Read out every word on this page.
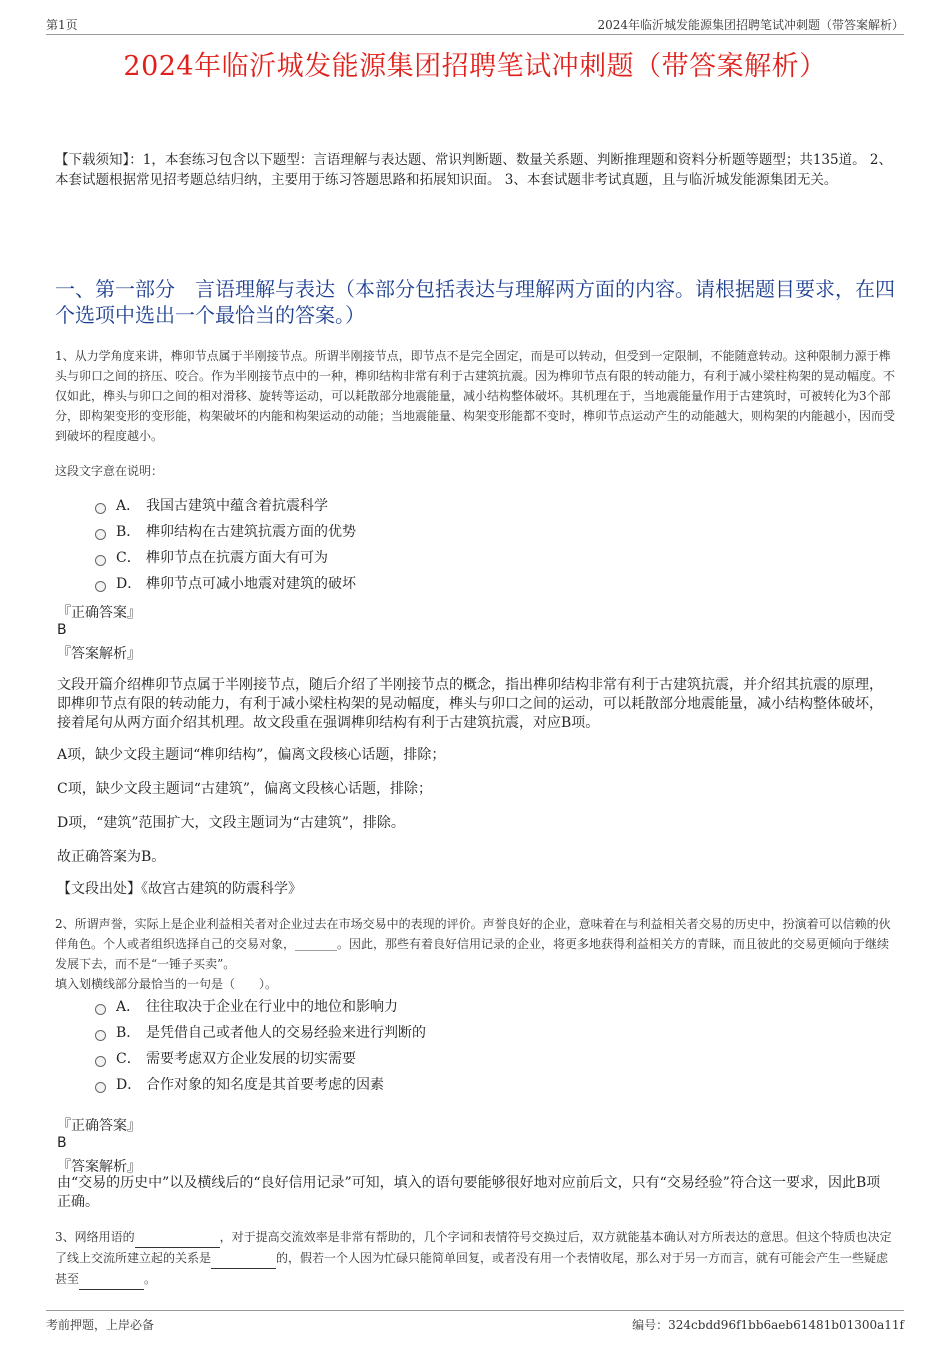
第1页	2024年临沂城发能源集团招聘笔试冲刺题（带答案解析）
2024年临沂城发能源集团招聘笔试冲刺题（带答案解析）
【下载须知】：1，本套练习包含以下题型：言语理解与表达题、常识判断题、数量关系题、判断推理题和资料分析题等题型；共135道。 2、本套试题根据常见招考题总结归纳，主要用于练习答题思路和拓展知识面。 3、本套试题非考试真题，且与临沂城发能源集团无关。
一、第一部分　言语理解与表达（本部分包括表达与理解两方面的内容。请根据题目要求，在四个选项中选出一个最恰当的答案。）
1、从力学角度来讲，榫卯节点属于半刚接节点。所谓半刚接节点，即节点不是完全固定，而是可以转动，但受到一定限制，不能随意转动。这种限制力源于榫头与卯口之间的挤压、咬合。作为半刚接节点中的一种，榫卯结构非常有利于古建筑抗震。因为榫卯节点有限的转动能力，有利于减小梁柱构架的晃动幅度。不仅如此，榫头与卯口之间的相对滑移、旋转等运动，可以耗散部分地震能量，减小结构整体破坏。其机理在于，当地震能量作用于古建筑时，可被转化为3个部分，即构架变形的变形能，构架破坏的内能和构架运动的动能；当地震能量、构架变形能都不变时，榫卯节点运动产生的动能越大，则构架的内能越小，因而受到破坏的程度越小。
这段文字意在说明：
A． 我国古建筑中蕴含着抗震科学
B． 榫卯结构在古建筑抗震方面的优势
C． 榫卯节点在抗震方面大有可为
D． 榫卯节点可减小地震对建筑的破坏
『正确答案』
B
『答案解析』
文段开篇介绍榫卯节点属于半刚接节点，随后介绍了半刚接节点的概念，指出榫卯结构非常有利于古建筑抗震，并介绍其抗震的原理，即榫卯节点有限的转动能力，有利于减小梁柱构架的晃动幅度，榫头与卯口之间的运动，可以耗散部分地震能量，减小结构整体破坏，接着尾句从两方面介绍其机理。故文段重在强调榫卯结构有利于古建筑抗震，对应B项。
A项，缺少文段主题词“榫卯结构”，偏离文段核心话题，排除；
C项，缺少文段主题词“古建筑”，偏离文段核心话题，排除；
D项，“建筑”范围扩大，文段主题词为“古建筑”，排除。
故正确答案为B。
【文段出处】《故宫古建筑的防震科学》
2、所谓声誉，实际上是企业利益相关者对企业过去在市场交易中的表现的评价。声誉良好的企业，意味着在与利益相关者交易的历史中，扮演着可以信赖的伙伴角色。个人或者组织选择自己的交易对象，_______。因此，那些有着良好信用记录的企业，将更多地获得利益相关方的青睐，而且彼此的交易更倾向于继续发展下去，而不是“一锤子买卖”。
填入划横线部分最恰当的一句是（　　）。
A． 往往取决于企业在行业中的地位和影响力
B． 是凭借自己或者他人的交易经验来进行判断的
C． 需要考虑双方企业发展的切实需要
D． 合作对象的知名度是其首要考虑的因素
『正确答案』
B
『答案解析』
由“交易的历史中”以及横线后的“良好信用记录”可知，填入的语句要能够很好地对应前后文，只有“交易经验”符合这一要求，因此B项正确。
3、网络用语的	，对于提高交流效率是非常有帮助的，几个字词和表情符号交换过后，双方就能基本确认对方所表达的意思。但这个特质也决定了线上交流所建立起的关系是	的，假若一个人因为忙碌只能简单回复，或者没有用一个表情收尾，那么对于另一方而言，就有可能会产生一些疑虑甚至	。
考前押题，上岸必备	编号：324cbdd96f1bb6aeb61481b01300a11f
